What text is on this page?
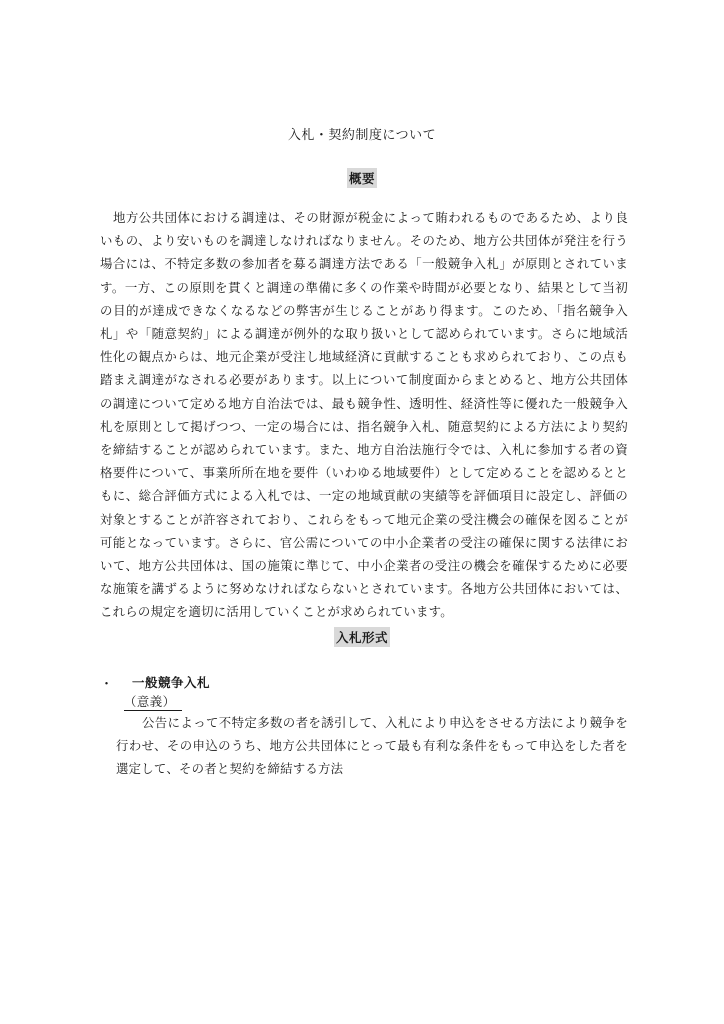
入札・契約制度について
概要

地方公共団体における調達は、その財源が税金によって賄われるものであるため、より良いもの、より安いものを調達しなければなりません。そのため、地方公共団体が発注を行う場合には、不特定多数の参加者を募る調達方法である「一般競争入札」が原則とされています。一方、この原則を貫くと調達の準備に多くの作業や時間が必要となり、結果として当初の目的が達成できなくなるなどの弊害が生じることがあり得ます。このため、「指名競争入札」や「随意契約」による調達が例外的な取り扱いとして認められています。さらに地域活性化の観点からは、地元企業が受注し地域経済に貢献することも求められており、この点も踏まえ調達がなされる必要があります。以上について制度面からまとめると、地方公共団体の調達について定める地方自治法では、最も競争性、透明性、経済性等に優れた一般競争入札を原則として掲げつつ、一定の場合には、指名競争入札、随意契約による方法により契約を締結することが認められています。また、地方自治法施行令では、入札に参加する者の資格要件について、事業所所在地を要件（いわゆる地域要件）として定めることを認めるとともに、総合評価方式による入札では、一定の地域貢献の実績等を評価項目に設定し、評価の対象とすることが許容されており、これらをもって地元企業の受注機会の確保を図ることが可能となっています。さらに、官公需についての中小企業者の受注の確保に関する法律において、地方公共団体は、国の施策に準じて、中小企業者の受注の機会を確保するために必要な施策を講ずるように努めなければならないとされています。各地方公共団体においては、これらの規定を適切に活用していくことが求められています。

入札形式
・ 一般競争入札
（意義）

公告によって不特定多数の者を誘引して、入札により申込をさせる方法により競争を行わせ、その申込のうち、地方公共団体にとって最も有利な条件をもって申込をした者を選定して、その者と契約を締結する方法
